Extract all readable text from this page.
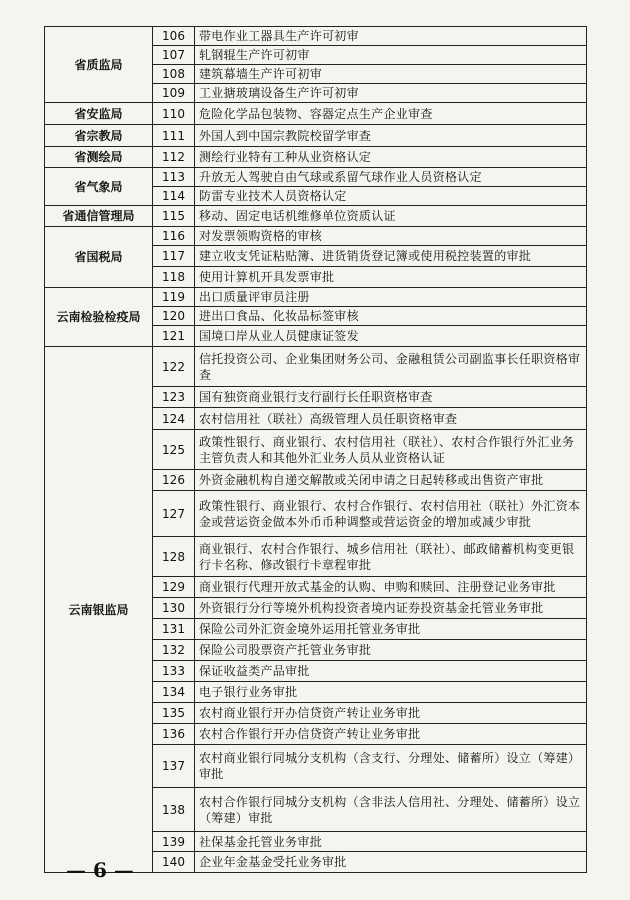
省质监局	106	带电作业工器具生产许可初审
	107	轧钢辊生产许可初审
	108	建筑幕墙生产许可初审
	109	工业搪玻璃设备生产许可初审
省安监局	110	危险化学品包装物、容器定点生产企业审查
省宗教局	111	外国人到中国宗教院校留学审查
省测绘局	112	测绘行业特有工种从业资格认定
省气象局	113	升放无人驾驶自由气球或系留气球作业人员资格认定
	114	防雷专业技术人员资格认定
省通信管理局	115	移动、固定电话机维修单位资质认证
省国税局	116	对发票领购资格的审核
	117	建立收支凭证粘贴簿、进货销货登记簿或使用税控装置的审批
	118	使用计算机开具发票审批
云南检验检疫局	119	出口质量评审员注册
	120	进出口食品、化妆品标签审核
	121	国境口岸从业人员健康证签发
云南银监局	122	信托投资公司、企业集团财务公司、金融租赁公司副监事长任职资格审查
	123	国有独资商业银行支行副行长任职资格审查
	124	农村信用社（联社）高级管理人员任职资格审查
	125	政策性银行、商业银行、农村信用社（联社）、农村合作银行外汇业务主管负责人和其他外汇业务人员从业资格认证
	126	外资金融机构自递交解散或关闭申请之日起转移或出售资产审批
	127	政策性银行、商业银行、农村合作银行、农村信用社（联社）外汇资本金或营运资金做本外币币种调整或营运资金的增加或减少审批
	128	商业银行、农村合作银行、城乡信用社（联社）、邮政储蓄机构变更银行卡名称、修改银行卡章程审批
	129	商业银行代理开放式基金的认购、申购和赎回、注册登记业务审批
	130	外资银行分行等境外机构投资者境内证券投资基金托管业务审批
	131	保险公司外汇资金境外运用托管业务审批
	132	保险公司股票资产托管业务审批
	133	保证收益类产品审批
	134	电子银行业务审批
	135	农村商业银行开办信贷资产转让业务审批
	136	农村合作银行开办信贷资产转让业务审批
	137	农村商业银行同城分支机构（含支行、分理处、储蓄所）设立（筹建）审批
	138	农村合作银行同城分支机构（含非法人信用社、分理处、储蓄所）设立（筹建）审批
	139	社保基金托管业务审批
	140	企业年金基金受托业务审批
— 6 —
